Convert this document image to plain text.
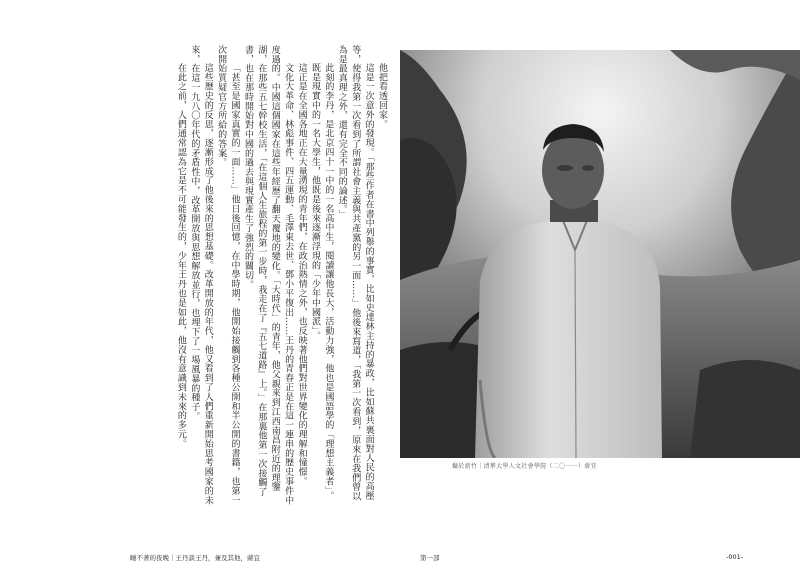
他把看透回家。

這是一次意外的發現。「那些作者在書中列舉的事實，比如史達林主持的暴政，比如蘇共裏面對人民的高壓等，使得我第一次看到了所謂社會主義與共產黨的另一面……」他後來寫道，「我第一次看到，原來在我們曾以為是最真理之外，還有完全不同的論述。」

此刻的李丹，是北京四十一中的一名高中生，閱讀讓他長大，活動力強，他也是國語學的「理想主義者」。

既是現實中的一名大學生，他既是後來逐漸浮現的「少年中國派」。

這正是在全國各地正在大量湧現的青年們，在政治熱情之外，也反映著他們對世界變化的理解和憧憬。

文化大革命、林彪事件、四五運動、毛澤東去世、鄧小平復出……王丹的青春正是在這一連串的歷史事件中度過的。中國這個國家在這些年經歷了翻天覆地的變化。「大時代」的青年，他父親來到江西南昌附近的理鑒湖，在那些五七幹校生活，「在這個人生旅程的第一步時，我走在了『五七道路』上。」在那裏他第一次接觸了書，也在那時開始對中國的過去與現實產生了強烈的關切。

「甚至是國家真實的一面……」他日後回憶，在中學時期，他開始接觸到各種公開和半公開的書籍，也第一次開始質疑官方所給的答案。

這些歷史的反思，逐漸形成了他後來的思想基礎。改革開放的年代，他又看到了人們重新開始思考國家的未來，在這一九八〇年代的矛盾性中，改革開放與思想解放並行，也埋下了一場風暴的種子。

在此之前，人們通常認為它是不可能發生的，少年王丹也是如此，他沒有意識到未來的多元。

攝於新竹｜清華大學人文社會學院（二〇一一）蔣宜
睡不著的夜晚｜王丹談王丹，兼及其他，蔣宜	第一部	-001-
